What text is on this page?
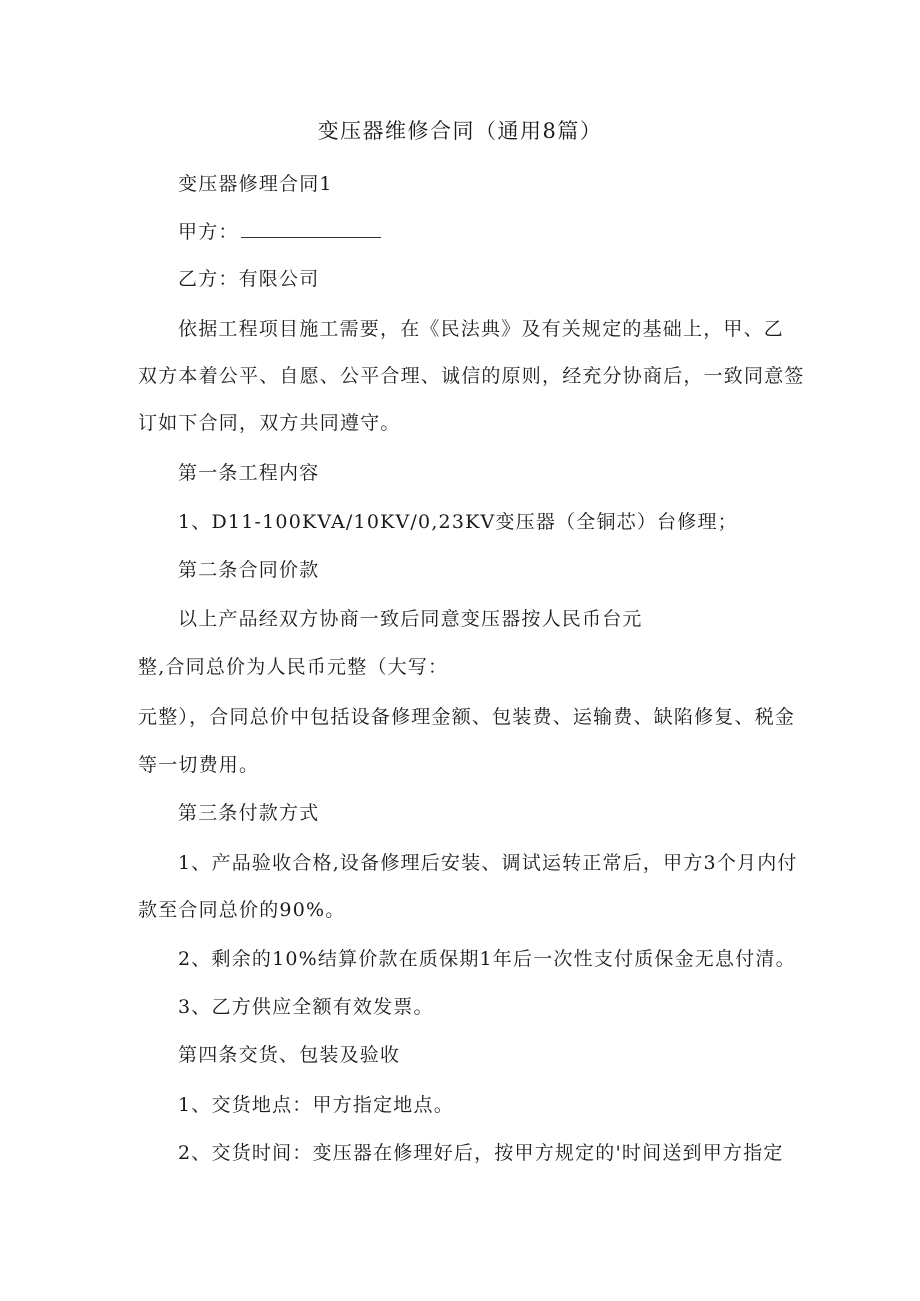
变压器维修合同（通用8篇）
变压器修理合同1
甲方：
乙方：有限公司
依据工程项目施工需要，在《民法典》及有关规定的基础上，甲、乙
双方本着公平、自愿、公平合理、诚信的原则，经充分协商后，一致同意签
订如下合同，双方共同遵守。
第一条工程内容
1、D11-100KVA/10KV/0,23KV变压器（全铜芯）台修理；
第二条合同价款
以上产品经双方协商一致后同意变压器按人民币台元
整,合同总价为人民币元整（大写：
元整），合同总价中包括设备修理金额、包装费、运输费、缺陷修复、税金
等一切费用。
第三条付款方式
1、产品验收合格,设备修理后安装、调试运转正常后，甲方3个月内付
款至合同总价的90%。
2、剩余的10%结算价款在质保期1年后一次性支付质保金无息付清。
3、乙方供应全额有效发票。
第四条交货、包装及验收
1、交货地点：甲方指定地点。
2、交货时间：变压器在修理好后，按甲方规定的'时间送到甲方指定
